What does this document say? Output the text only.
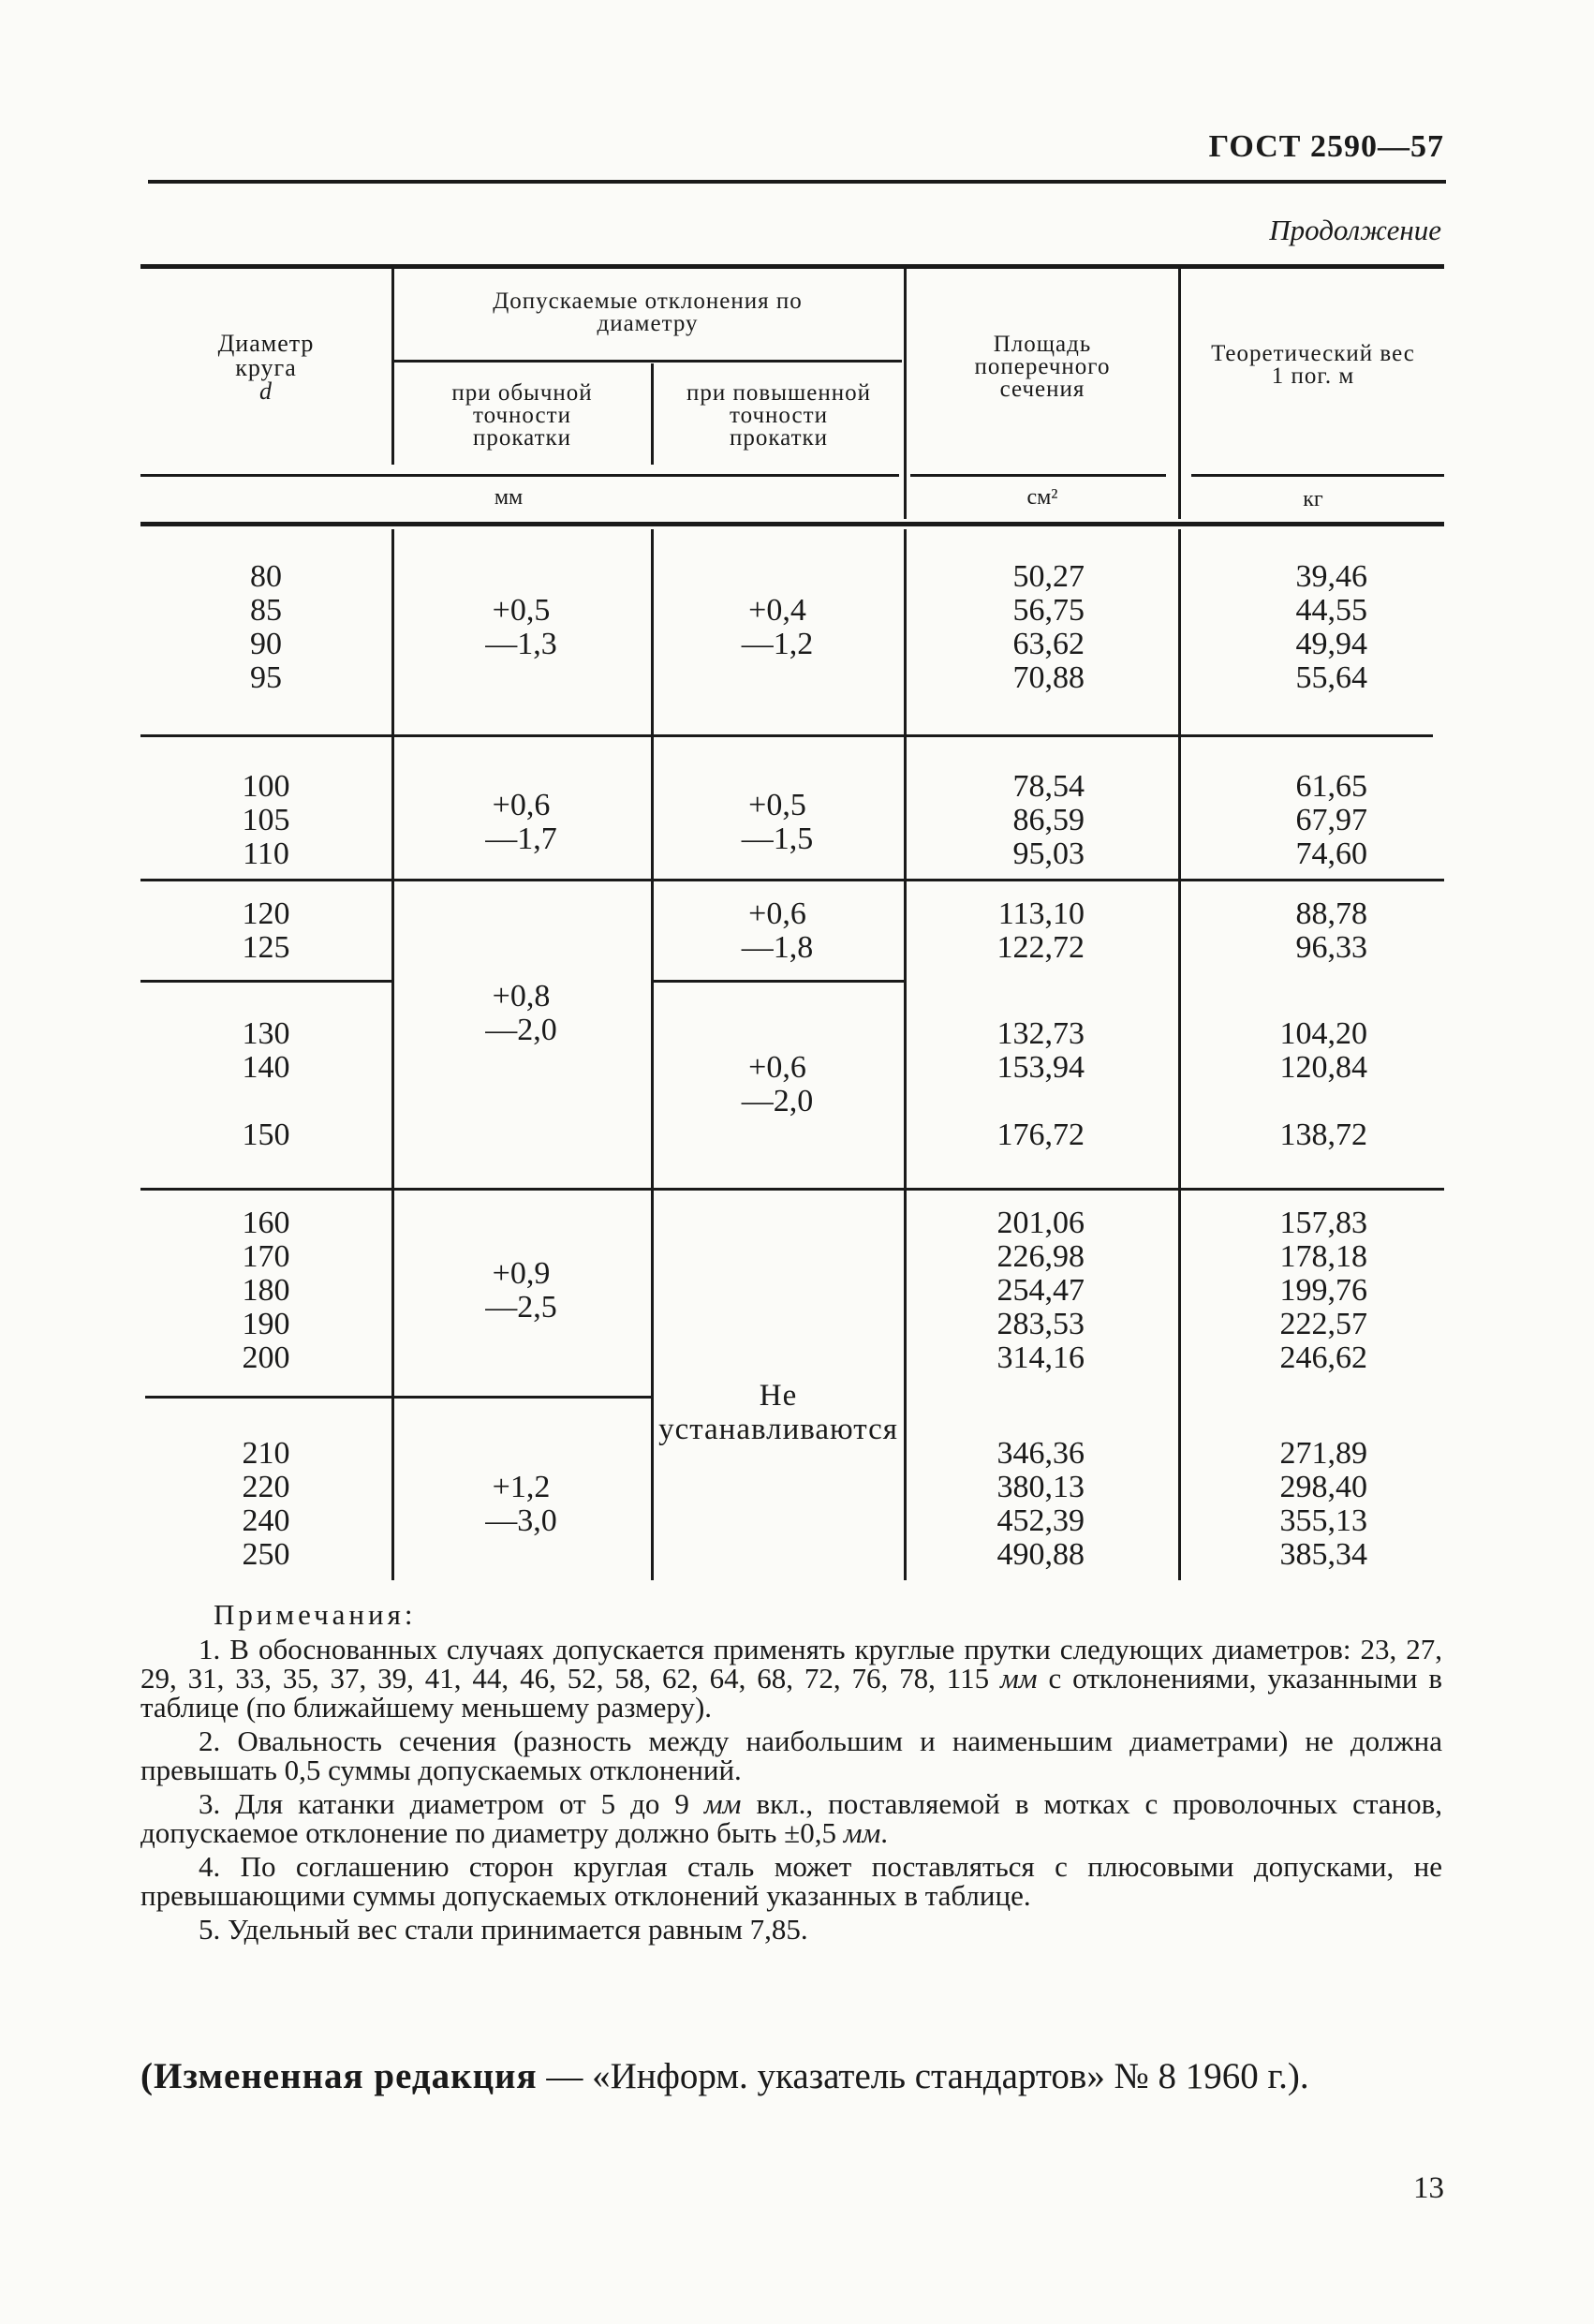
ГОСТ 2590—57
Продолжение
Диаметр круга
d
Допускаемые отклонения по диаметру
при обычной точности прокатки
при повышенной точности прокатки
Площадь поперечного сечения
Теоретический вес 1 пог. м
мм	см²	кг
80
85
90
95
+0,5
—1,3
+0,4
—1,2
50,27
56,75
63,62
70,88
39,46
44,55
49,94
55,64
100
105
110
+0,6
—1,7
+0,5
—1,5
78,54
86,59
95,03
61,65
67,97
74,60
120
125
+0,8
—2,0
+0,6
—1,8
113,10
122,72
88,78
96,33
130
140
150
+0,6
—2,0
132,73
153,94
176,72
104,20
120,84
138,72
160
170
180
190
200
+0,9
—2,5
201,06
226,98
254,47
283,53
314,16
157,83
178,18
199,76
222,57
246,62
Не устанавливаются
210
220
240
250
+1,2
—3,0
346,36
380,13
452,39
490,88
271,89
298,40
355,13
385,34
Примечания:

1. В обоснованных случаях допускается применять круглые прутки следующих диаметров: 23, 27, 29, 31, 33, 35, 37, 39, 41, 44, 46, 52, 58, 62, 64, 68, 72, 76, 78, 115 мм с отклонениями, указанными в таблице (по ближайшему меньшему размеру).

2. Овальность сечения (разность между наибольшим и наименьшим диаметрами) не должна превышать 0,5 суммы допускаемых отклонений.

3. Для катанки диаметром от 5 до 9 мм вкл., поставляемой в мотках с проволочных станов, допускаемое отклонение по диаметру должно быть ±0,5 мм.

4. По соглашению сторон круглая сталь может поставляться с плюсовыми допусками, не превышающими суммы допускаемых отклонений указанных в таблице.

5. Удельный вес стали принимается равным 7,85.

(Измененная редакция — «Информ. указатель стандартов» № 8 1960 г.).
13
